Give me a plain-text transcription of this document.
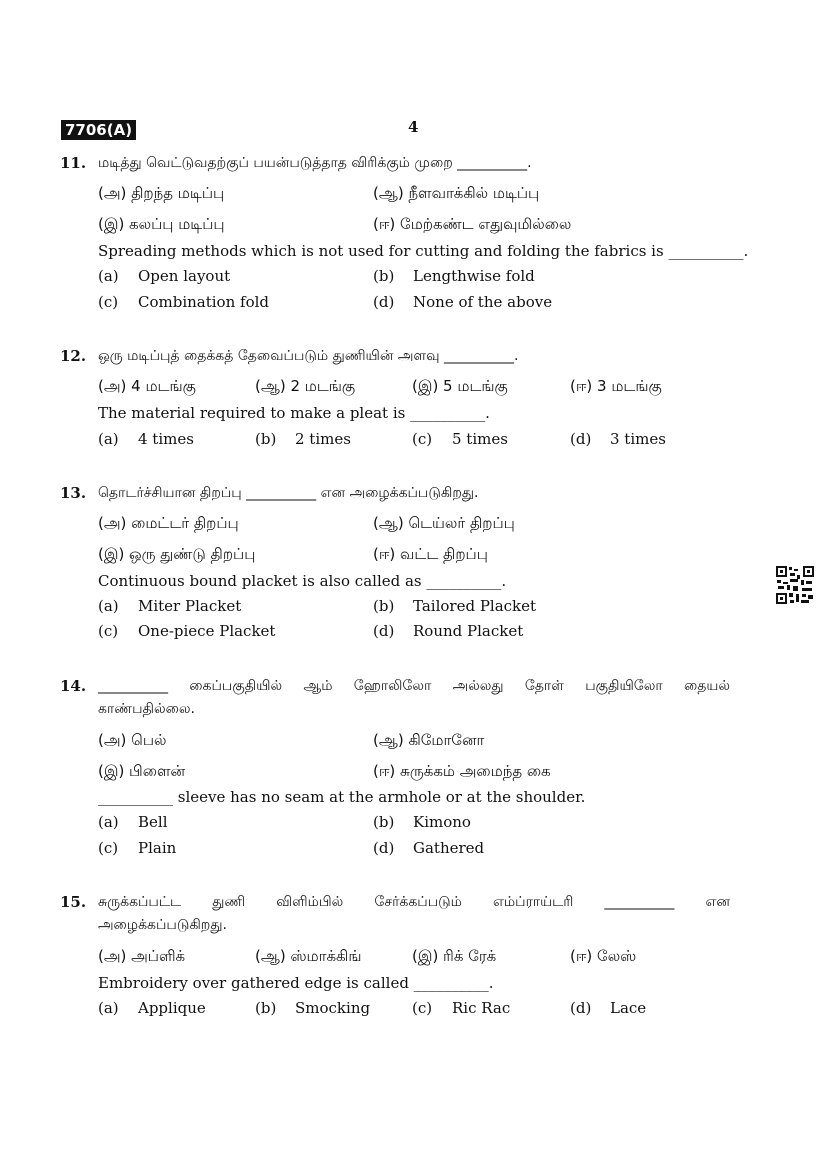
7706(A)	4
11. மடித்து வெட்டுவதற்குப் பயன்படுத்தாத விரிக்கும் முறை __________.
(அ) திறந்த மடிப்பு	(ஆ) நீளவாக்கில் மடிப்பு
(இ) கலப்பு மடிப்பு	(ஈ) மேற்கண்ட எதுவுமில்லை
Spreading methods which is not used for cutting and folding the fabrics is __________.
(a) Open layout	(b) Lengthwise fold
(c) Combination fold	(d) None of the above
12. ஒரு மடிப்புத் தைக்கத் தேவைப்படும் துணியின் அளவு __________.
(அ) 4 மடங்கு	(ஆ) 2 மடங்கு	(இ) 5 மடங்கு	(ஈ) 3 மடங்கு
The material required to make a pleat is __________.
(a) 4 times	(b) 2 times	(c) 5 times	(d) 3 times
13. தொடர்ச்சியான திறப்பு __________ என அழைக்கப்படுகிறது.
(அ) மைட்டர் திறப்பு	(ஆ) டெய்லர் திறப்பு
(இ) ஒரு துண்டு திறப்பு	(ஈ) வட்ட திறப்பு
Continuous bound placket is also called as __________.
(a) Miter Placket	(b) Tailored Placket
(c) One-piece Placket	(d) Round Placket
14. __________ கைப்பகுதியில் ஆம் ஹோலிலோ அல்லது தோள் பகுதியிலோ தையல்
காண்பதில்லை.
(அ) பெல்	(ஆ) கிமோனோ
(இ) பிளைன்	(ஈ) சுருக்கம் அமைந்த கை
__________ sleeve has no seam at the armhole or at the shoulder.
(a) Bell	(b) Kimono
(c) Plain	(d) Gathered
15. சுருக்கப்பட்ட துணி விளிம்பில் சேர்க்கப்படும் எம்ப்ராய்டரி __________ என
அழைக்கப்படுகிறது.
(அ) அப்ளிக்	(ஆ) ஸ்மாக்கிங்	(இ) ரிக் ரேக்	(ஈ) லேஸ்
Embroidery over gathered edge is called __________.
(a) Applique	(b) Smocking	(c) Ric Rac	(d) Lace
